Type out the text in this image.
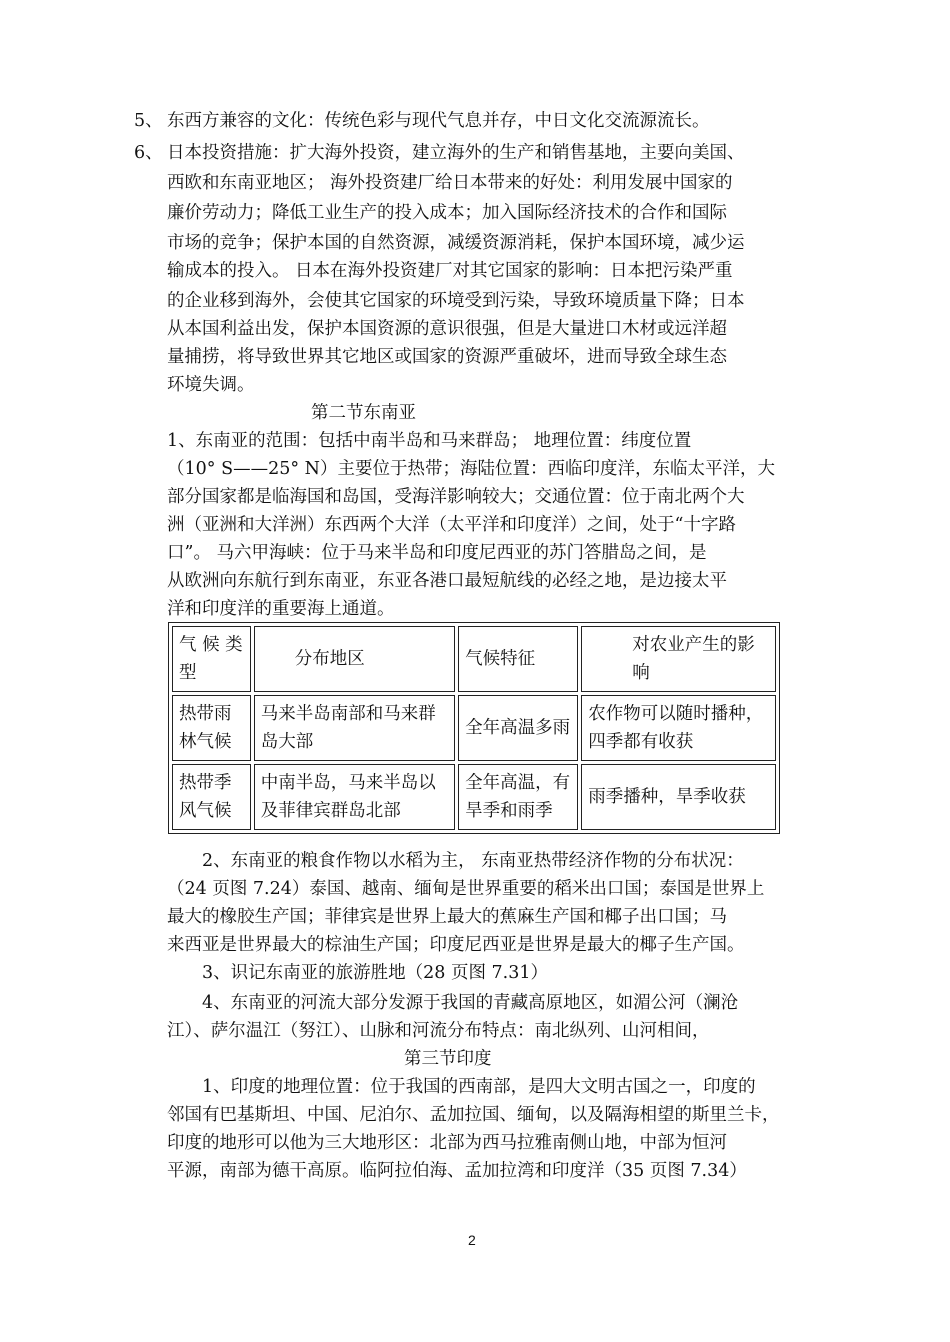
5、 东西方兼容的文化：传统色彩与现代气息并存，中日文化交流源流长。
6、 日本投资措施：扩大海外投资，建立海外的生产和销售基地，主要向美国、
西欧和东南亚地区； 海外投资建厂给日本带来的好处：利用发展中国家的
廉价劳动力；降低工业生产的投入成本；加入国际经济技术的合作和国际
市场的竞争；保护本国的自然资源，减缓资源消耗，保护本国环境，减少运
输成本的投入。 日本在海外投资建厂对其它国家的影响：日本把污染严重
的企业移到海外，会使其它国家的环境受到污染，导致环境质量下降；日本
从本国利益出发，保护本国资源的意识很强，但是大量进口木材或远洋超
量捕捞，将导致世界其它地区或国家的资源严重破坏，进而导致全球生态
环境失调。
第二节东南亚
1、东南亚的范围：包括中南半岛和马来群岛； 地理位置：纬度位置
（10° S——25° N）主要位于热带；海陆位置：西临印度洋，东临太平洋，大
部分国家都是临海国和岛国，受海洋影响较大；交通位置：位于南北两个大
洲（亚洲和大洋洲）东西两个大洋（太平洋和印度洋）之间，处于“十字路
口”。 马六甲海峡：位于马来半岛和印度尼西亚的苏门答腊岛之间，是
从欧洲向东航行到东南亚，东亚各港口最短航线的必经之地，是边接太平
洋和印度洋的重要海上通道。
气 候 类 型	分布地区	气候特征	对农业产生的影响
热带雨林气候	马来半岛南部和马来群岛大部	全年高温多雨	农作物可以随时播种，四季都有收获
热带季风气候	中南半岛，马来半岛以及菲律宾群岛北部	全年高温，有旱季和雨季	雨季播种，旱季收获
2、东南亚的粮食作物以水稻为主， 东南亚热带经济作物的分布状况：
（24 页图 7.24）泰国、越南、缅甸是世界重要的稻米出口国；泰国是世界上
最大的橡胶生产国；菲律宾是世界上最大的蕉麻生产国和椰子出口国；马
来西亚是世界最大的棕油生产国；印度尼西亚是世界是最大的椰子生产国。
3、识记东南亚的旅游胜地（28 页图 7.31）
4、东南亚的河流大部分发源于我国的青藏高原地区，如湄公河（澜沧
江）、萨尔温江（努江）、山脉和河流分布特点：南北纵列、山河相间，
第三节印度
1、印度的地理位置：位于我国的西南部，是四大文明古国之一，印度的
邻国有巴基斯坦、中国、尼泊尔、孟加拉国、缅甸，以及隔海相望的斯里兰卡，
印度的地形可以他为三大地形区：北部为西马拉雅南侧山地，中部为恒河
平源，南部为德干高原。临阿拉伯海、孟加拉湾和印度洋（35 页图 7.34）
2
